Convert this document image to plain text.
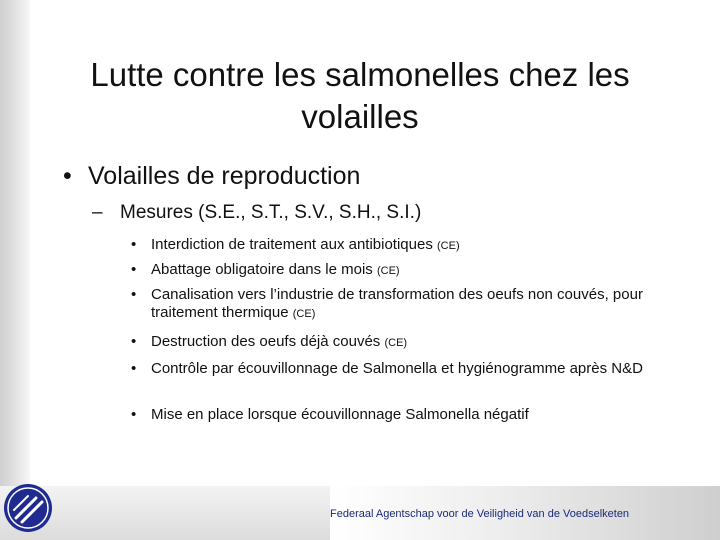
Lutte contre les salmonelles chez les
volailles
• Volailles de reproduction
– Mesures (S.E., S.T., S.V., S.H., S.I.)
• Interdiction de traitement aux antibiotiques (CE)
• Abattage obligatoire dans le mois (CE)
• Canalisation vers l’industrie de transformation des oeufs non couvés, pour traitement thermique (CE)
• Destruction des oeufs déjà couvés (CE)
• Contrôle par écouvillonnage de Salmonella et hygiénogramme après N&D
• Mise en place lorsque écouvillonnage Salmonella négatif
Federaal Agentschap voor de Veiligheid van de Voedselketen
